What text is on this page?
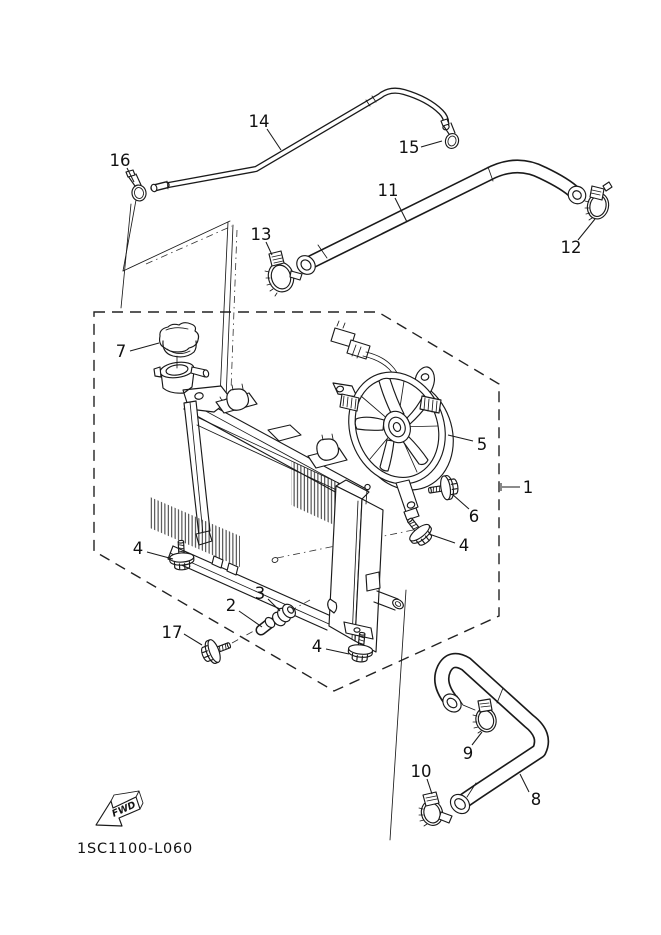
1
2
3
4	4
4
5
6
7
8
9
10
11
12
13
14
15
16
17
FWD
1SC1100-L060
